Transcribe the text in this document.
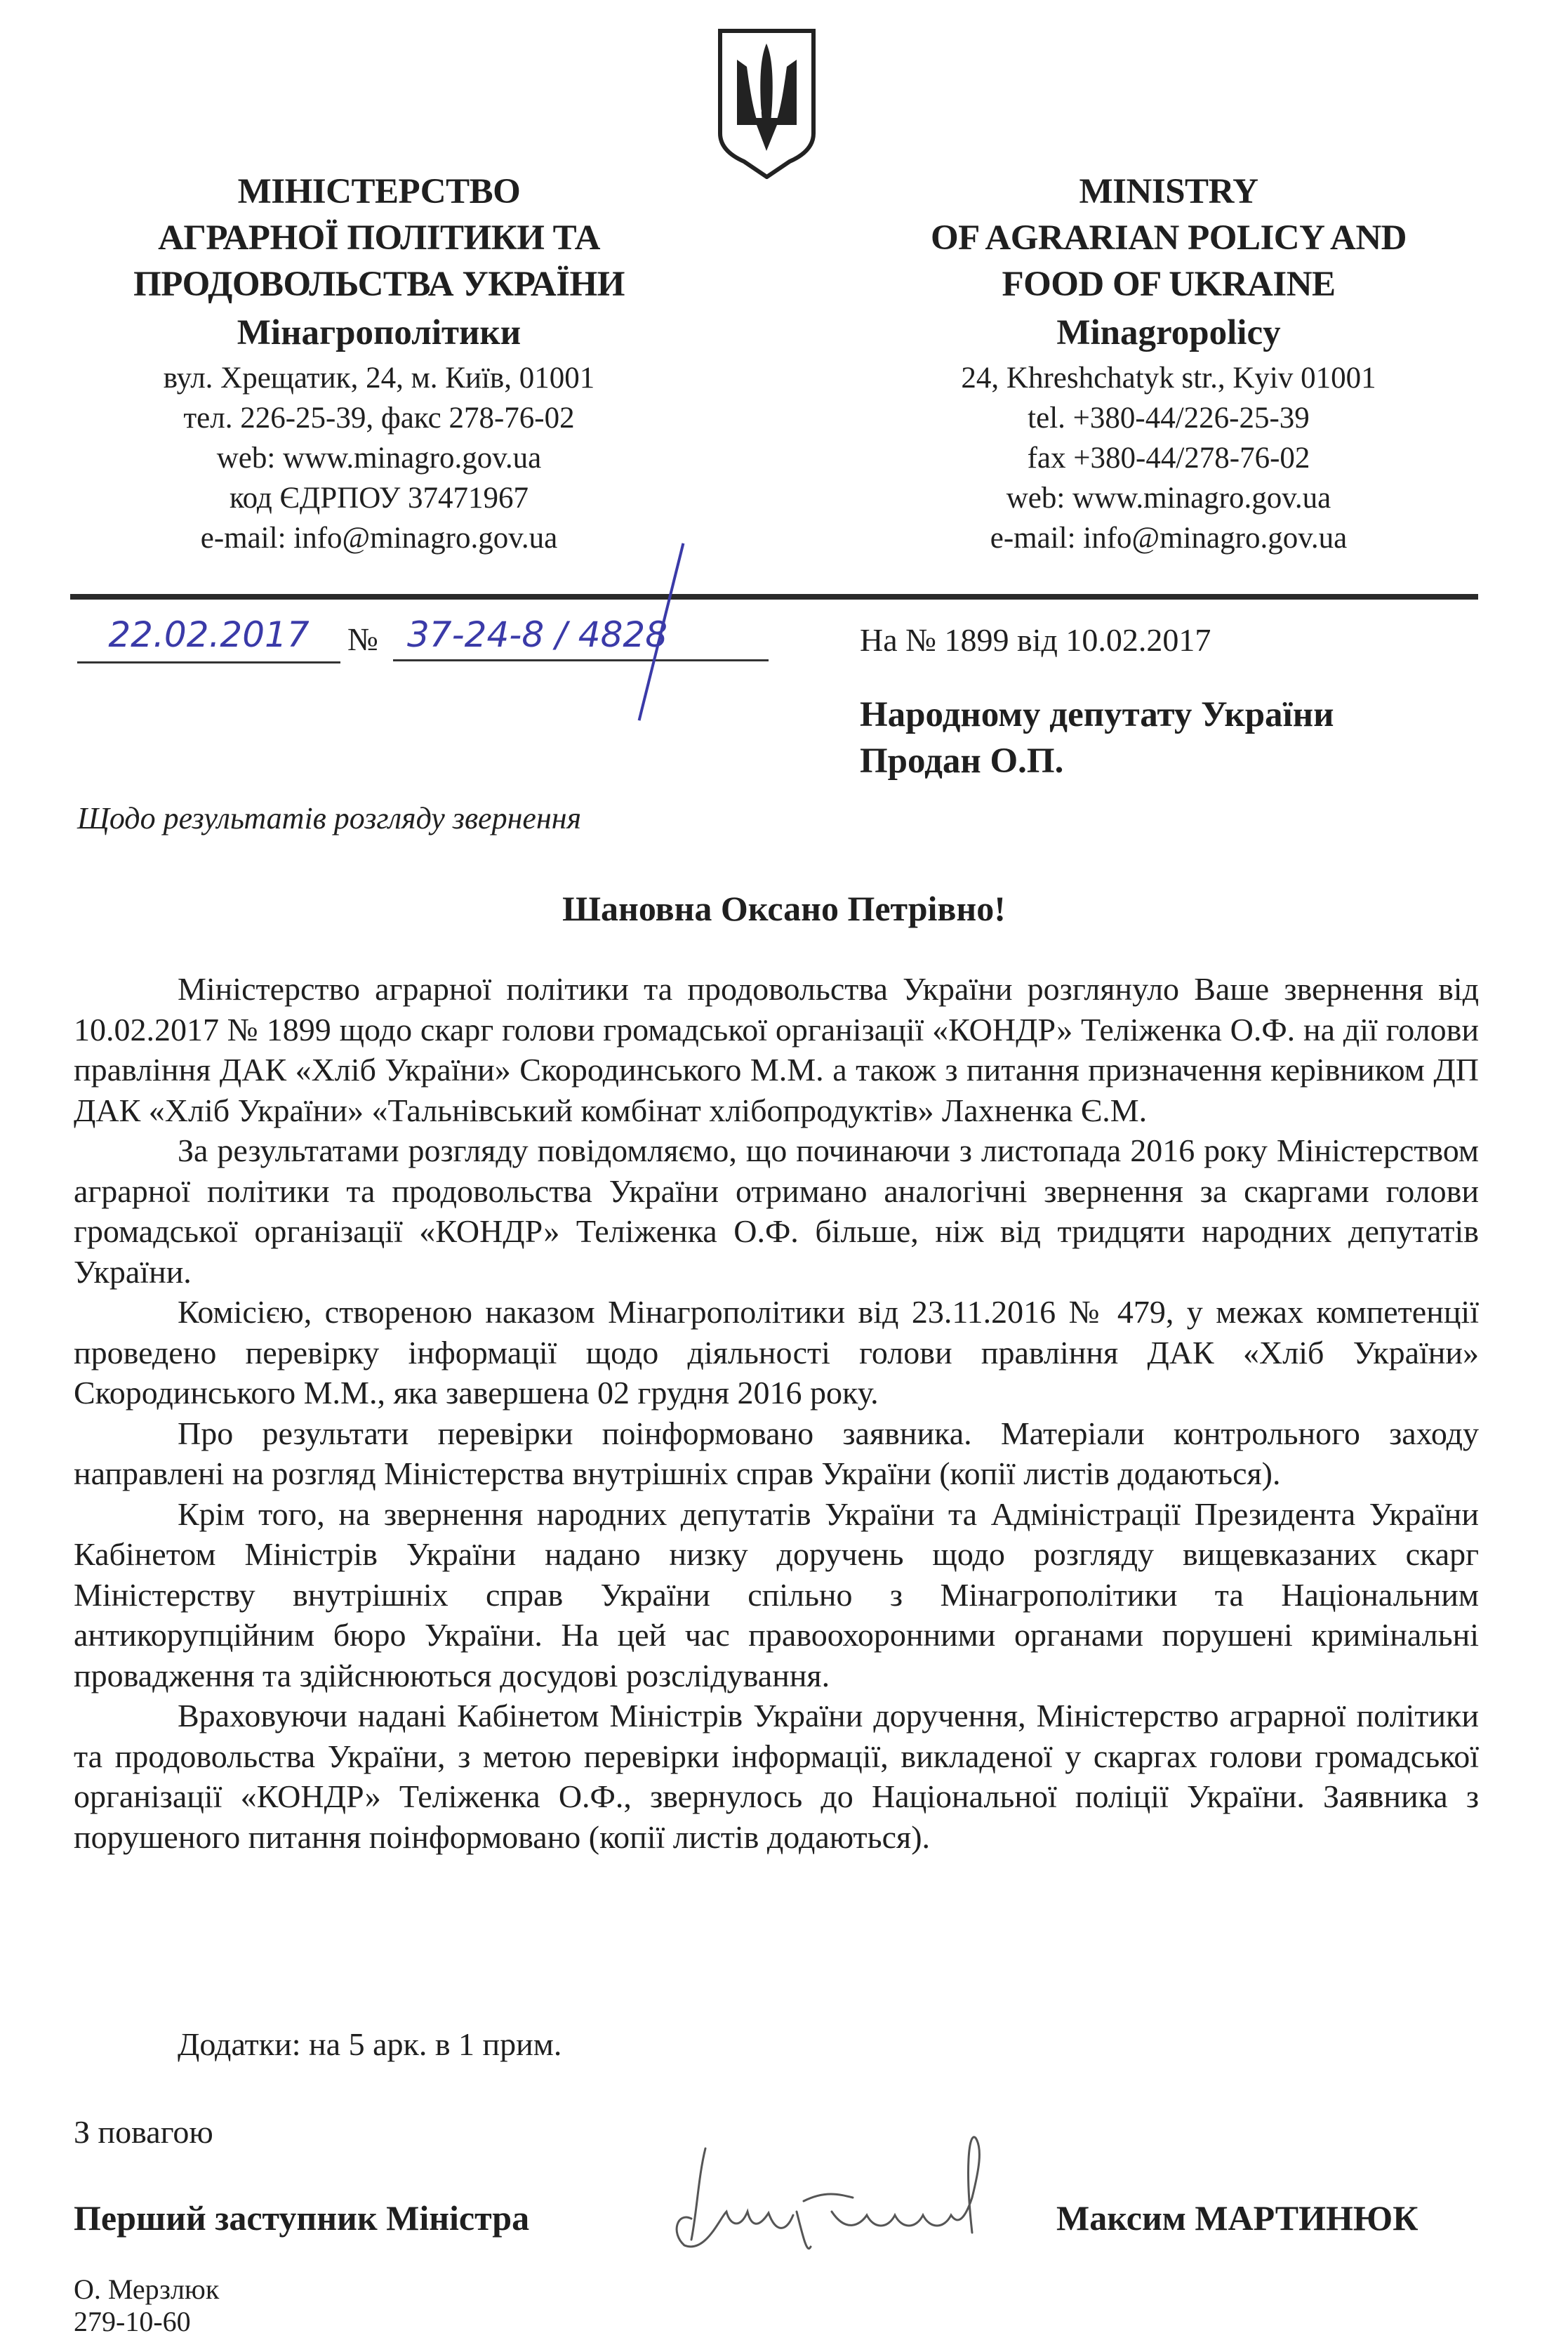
МІНІСТЕРСТВО
АГРАРНОЇ ПОЛІТИКИ ТА
ПРОДОВОЛЬСТВА УКРАЇНИ
Мінагрополітики
вул. Хрещатик, 24, м. Київ, 01001
тел. 226-25-39, факс 278-76-02
web: www.minagro.gov.ua
код ЄДРПОУ 37471967
e-mail: info@minagro.gov.ua
MINISTRY
OF AGRARIAN POLICY AND
FOOD OF UKRAINE
Minagropolicy
24, Khreshchatyk str., Kyiv 01001
tel. +380-44/226-25-39
fax +380-44/278-76-02
web: www.minagro.gov.ua
e-mail: info@minagro.gov.ua
22.02.2017	№ 37-24-8 / 4828	На № 1899 від 10.02.2017
Народному депутату України
Продан О.П.
Щодо результатів розгляду звернення
Шановна Оксано Петрівно!

Міністерство аграрної політики та продовольства України розглянуло Ваше звернення від 10.02.2017 № 1899 щодо скарг голови громадської організації «КОНДР» Теліженка О.Ф. на дії голови правління ДАК «Хліб України» Скородинського М.М. а також з питання призначення керівником ДП ДАК «Хліб України» «Тальнівський комбінат хлібопродуктів» Лахненка Є.М.

За результатами розгляду повідомляємо, що починаючи з листопада 2016 року Міністерством аграрної політики та продовольства України отримано аналогічні звернення за скаргами голови громадської організації «КОНДР» Теліженка О.Ф. більше, ніж від тридцяти народних депутатів України.

Комісією, створеною наказом Мінагрополітики від 23.11.2016 № 479, у межах компетенції проведено перевірку інформації щодо діяльності голови правління ДАК «Хліб України» Скородинського М.М., яка завершена 02 грудня 2016 року.

Про результати перевірки поінформовано заявника. Матеріали контрольного заходу направлені на розгляд Міністерства внутрішніх справ України (копії листів додаються).

Крім того, на звернення народних депутатів України та Адміністрації Президента України Кабінетом Міністрів України надано низку доручень щодо розгляду вищевказаних скарг Міністерству внутрішніх справ України спільно з Мінагрополітики та Національним антикорупційним бюро України. На цей час правоохоронними органами порушені кримінальні провадження та здійснюються досудові розслідування.

Враховуючи надані Кабінетом Міністрів України доручення, Міністерство аграрної політики та продовольства України, з метою перевірки інформації, викладеної у скаргах голови громадської організації «КОНДР» Теліженка О.Ф., звернулось до Національної поліції України. Заявника з порушеного питання поінформовано (копії листів додаються).

Додатки: на 5 арк. в 1 прим.
З повагою
Перший заступник Міністра	Максим МАРТИНЮК
О. Мерзлюк
279-10-60
